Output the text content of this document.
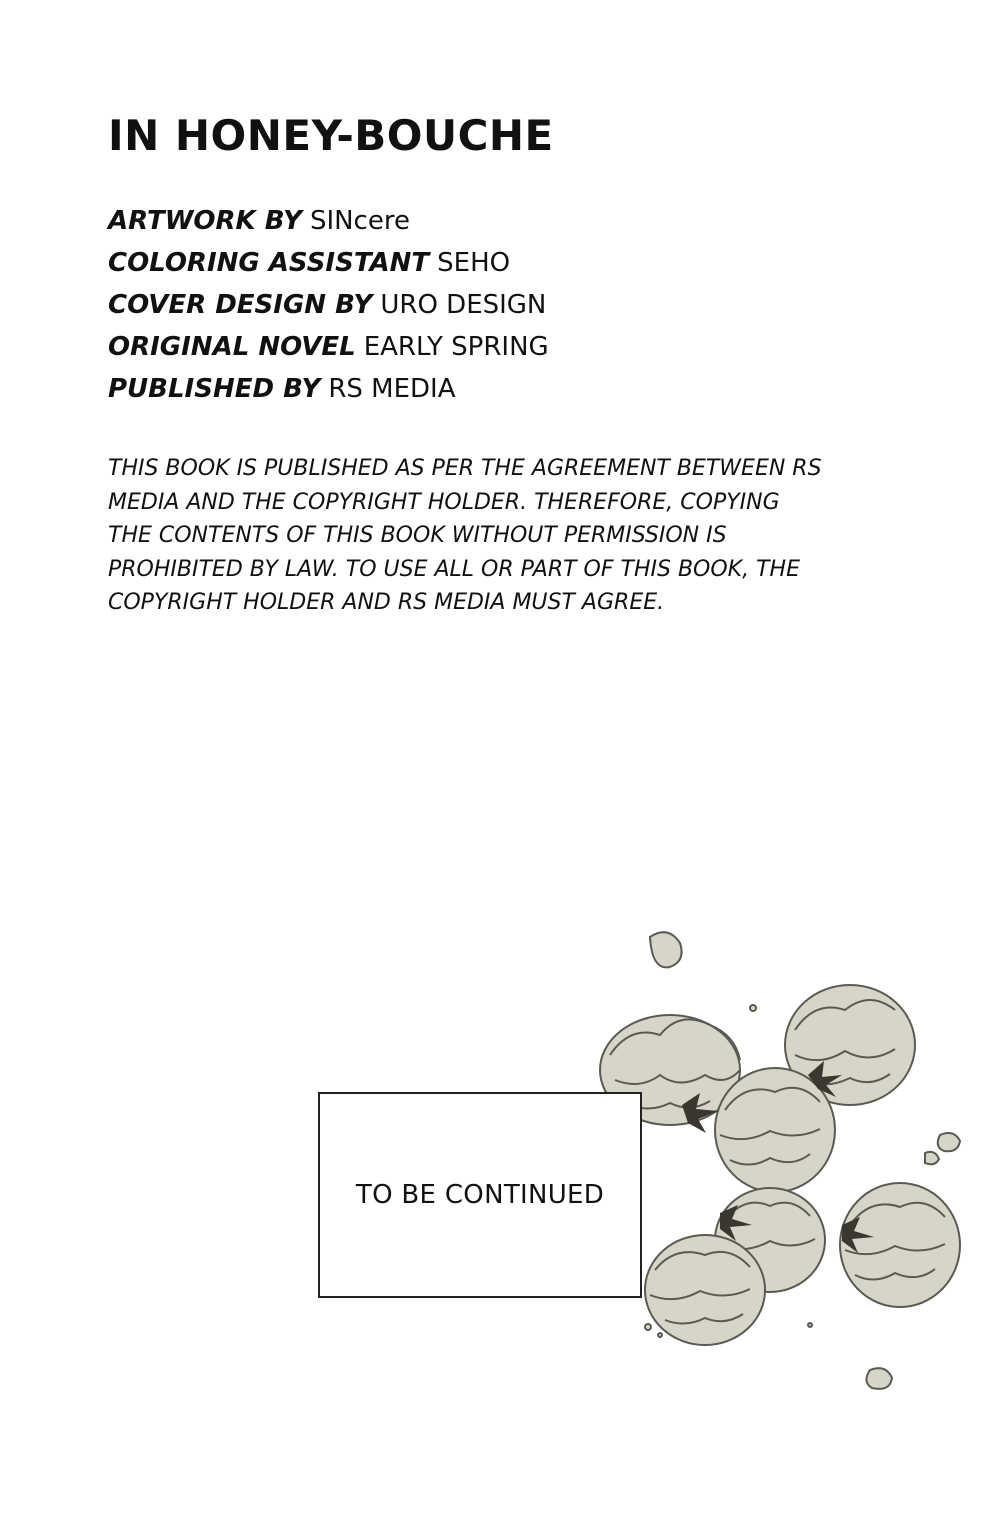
IN HONEY-BOUCHE
ARTWORK BY SINcere
COLORING ASSISTANT SEHO
COVER DESIGN BY URO DESIGN
ORIGINAL NOVEL EARLY SPRING
PUBLISHED BY RS MEDIA

THIS BOOK IS PUBLISHED AS PER THE AGREEMENT BETWEEN RS
MEDIA AND THE COPYRIGHT HOLDER. THEREFORE, COPYING
THE CONTENTS OF THIS BOOK WITHOUT PERMISSION IS
PROHIBITED BY LAW. TO USE ALL OR PART OF THIS BOOK, THE
COPYRIGHT HOLDER AND RS MEDIA MUST AGREE.

TO BE CONTINUED
